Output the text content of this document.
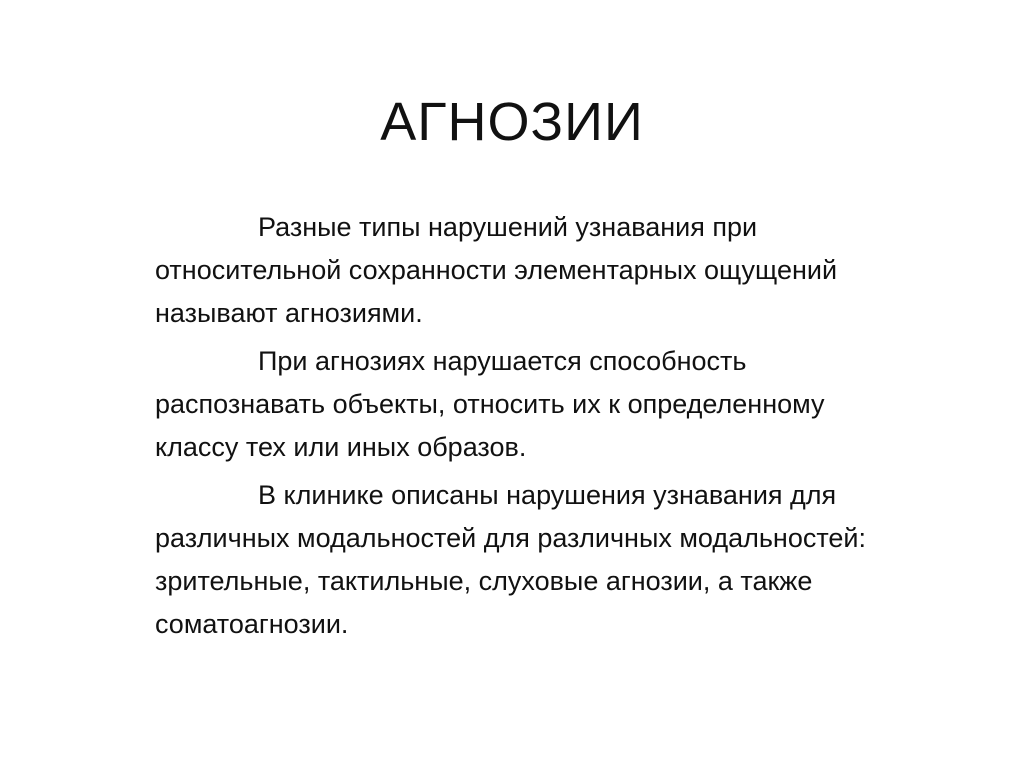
АГНОЗИИ

Разные типы нарушений узнавания при относительной сохранности элементарных ощущений называют агнозиями.

При агнозиях нарушается способность распознавать объекты, относить их к определенному классу тех или иных образов.

В клинике описаны нарушения узнавания для различных модальностей для различных модальностей: зрительные, тактильные, слуховые агнозии, а также соматоагнозии.
